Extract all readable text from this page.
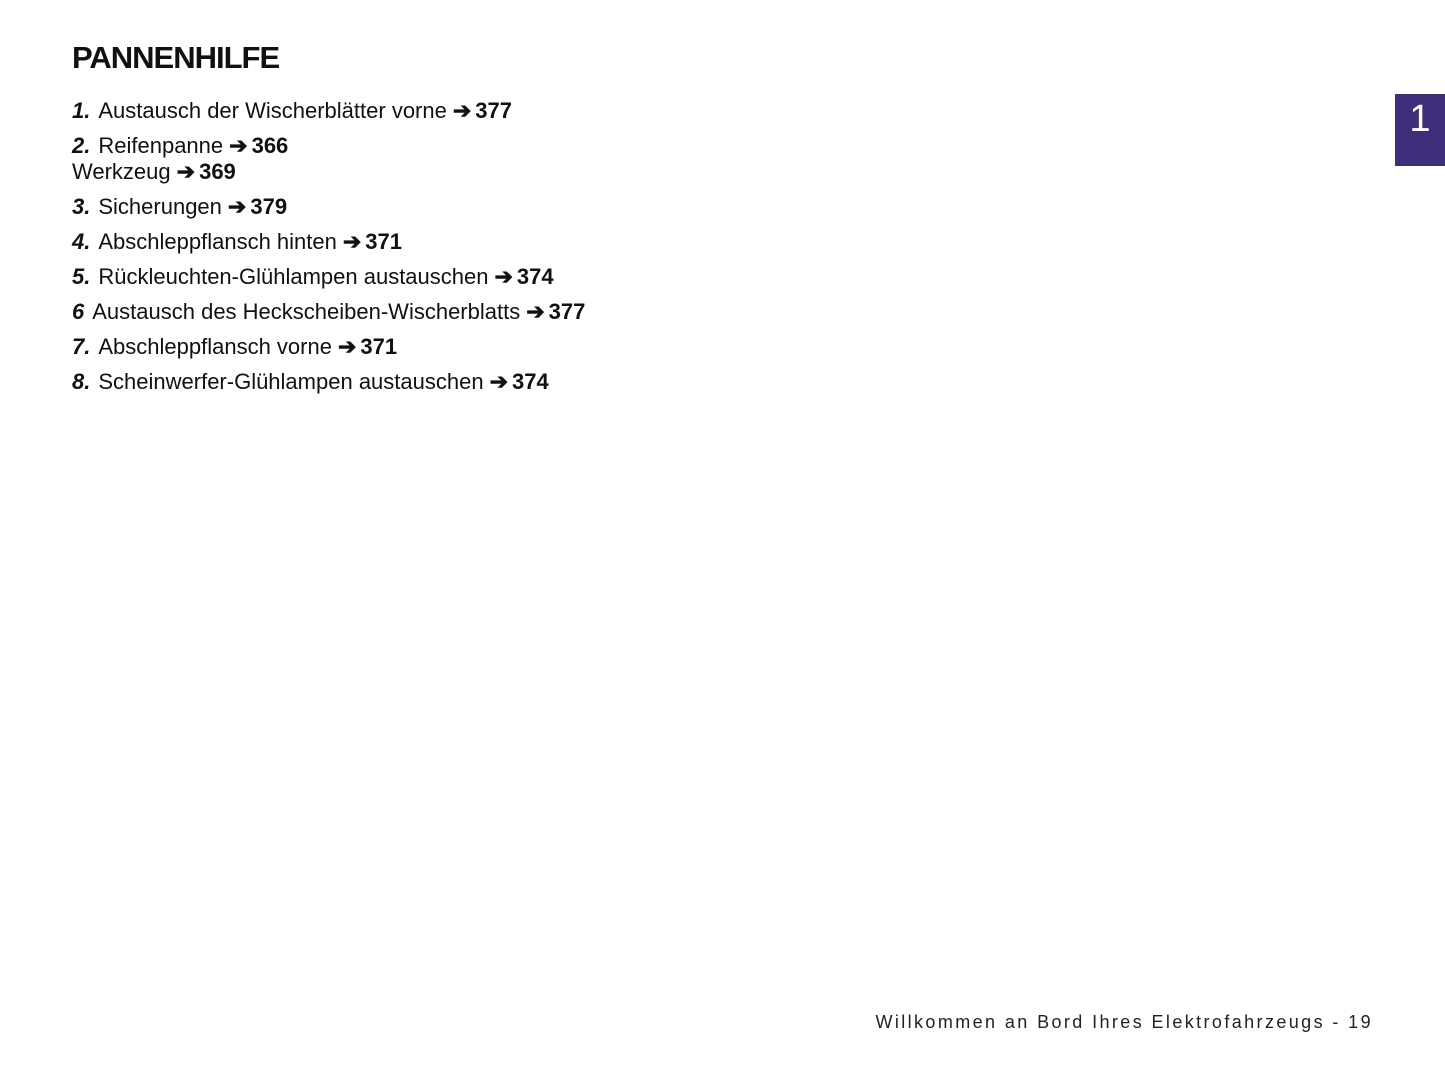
PANNENHILFE
1. Austausch der Wischerblätter vorne ➔ 377
2. Reifenpanne ➔ 366
Werkzeug ➔ 369
3. Sicherungen ➔ 379
4. Abschleppflansch hinten ➔ 371
5. Rückleuchten-Glühlampen austauschen ➔ 374
6 Austausch des Heckscheiben-Wischerblatts ➔ 377
7. Abschleppflansch vorne ➔ 371
8. Scheinwerfer-Glühlampen austauschen ➔ 374
1
Willkommen an Bord Ihres Elektrofahrzeugs - 19
